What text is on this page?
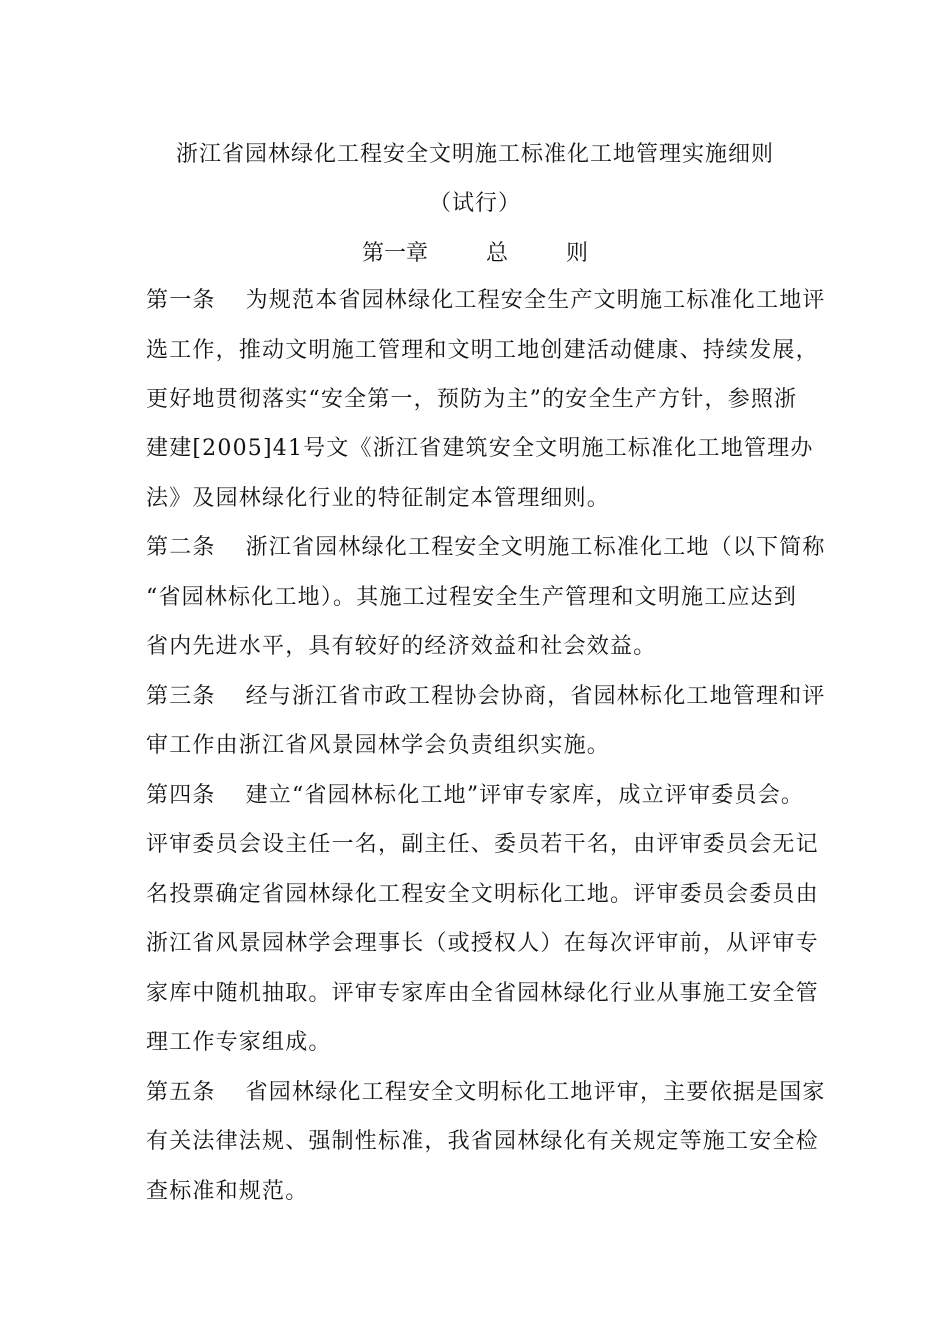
浙江省园林绿化工程安全文明施工标准化工地管理实施细则
（试行）
第一章	总	则
第一条 为规范本省园林绿化工程安全生产文明施工标准化工地评
选工作，推动文明施工管理和文明工地创建活动健康、持续发展，
更好地贯彻落实“安全第一，预防为主”的安全生产方针，参照浙
建建[2005]41号文《浙江省建筑安全文明施工标准化工地管理办
法》及园林绿化行业的特征制定本管理细则。
第二条 浙江省园林绿化工程安全文明施工标准化工地（以下简称
“省园林标化工地）。其施工过程安全生产管理和文明施工应达到
省内先进水平，具有较好的经济效益和社会效益。
第三条 经与浙江省市政工程协会协商，省园林标化工地管理和评
审工作由浙江省风景园林学会负责组织实施。
第四条 建立“省园林标化工地”评审专家库，成立评审委员会。
评审委员会设主任一名，副主任、委员若干名，由评审委员会无记
名投票确定省园林绿化工程安全文明标化工地。评审委员会委员由
浙江省风景园林学会理事长（或授权人）在每次评审前，从评审专
家库中随机抽取。评审专家库由全省园林绿化行业从事施工安全管
理工作专家组成。
第五条 省园林绿化工程安全文明标化工地评审，主要依据是国家
有关法律法规、强制性标准，我省园林绿化有关规定等施工安全检
查标准和规范。
